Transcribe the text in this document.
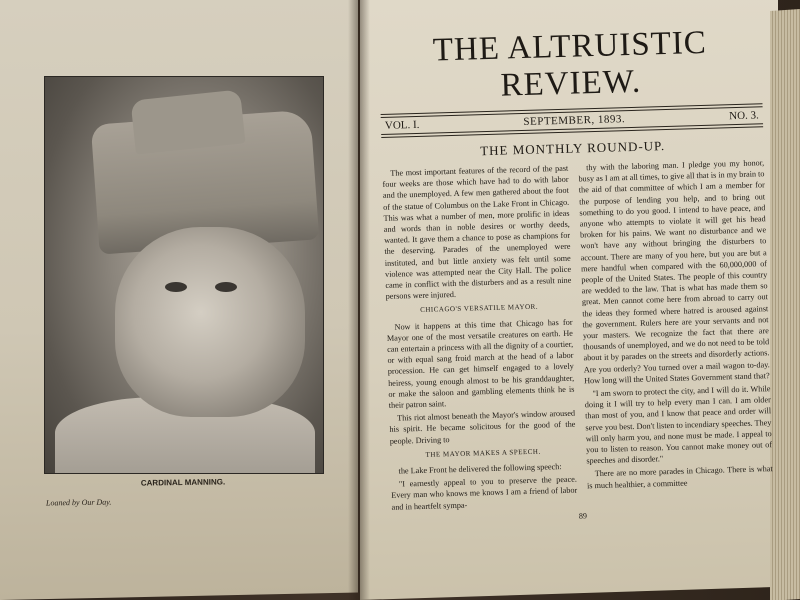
CARDINAL MANNING.
Loaned by Our Day.
THE ALTRUISTIC REVIEW.
VOL. I.	SEPTEMBER, 1893.	NO. 3.
THE MONTHLY ROUND-UP.

The most important features of the record of the past four weeks are those which have had to do with labor and the unemployed. A few men gathered about the foot of the statue of Columbus on the Lake Front in Chicago. This was what a number of men, more prolific in ideas and words than in noble desires or worthy deeds, wanted. It gave them a chance to pose as champions for the deserving. Parades of the unemployed were instituted, and but little anxiety was felt until some violence was attempted near the City Hall. The police came in conflict with the disturbers and as a result nine persons were injured.

CHICAGO'S VERSATILE MAYOR.

Now it happens at this time that Chicago has for Mayor one of the most versatile creatures on earth. He can entertain a princess with all the dignity of a courtier, or with equal sang froid march at the head of a labor procession. He can get himself engaged to a lovely heiress, young enough almost to be his granddaughter, or make the saloon and gambling elements think he is their patron saint.

This riot almost beneath the Mayor's window aroused his spirit. He became solicitous for the good of the people. Driving to

THE MAYOR MAKES A SPEECH.

the Lake Front he delivered the following speech:

"I earnestly appeal to you to preserve the peace. Every man who knows me knows I am a friend of labor and in heartfelt sympa-

thy with the laboring man. I pledge you my honor, busy as I am at all times, to give all that is in my brain to the aid of that committee of which I am a member for the purpose of lending you help, and to bring out something to do you good. I intend to have peace, and anyone who attempts to violate it will get his head broken for his pains. We want no disturbance and we won't have any without bringing the disturbers to account. There are many of you here, but you are but a mere handful when compared with the 60,000,000 of people of the United States. The people of this country are wedded to the law. That is what has made them so great. Men cannot come here from abroad to carry out the ideas they formed where hatred is aroused against the government. Rulers here are your servants and not your masters. We recognize the fact that there are thousands of unemployed, and we do not need to be told about it by parades on the streets and disorderly actions. Are you orderly? You turned over a mail wagon to-day. How long will the United States Government stand that?

"I am sworn to protect the city, and I will do it. While doing it I will try to help every man I can. I am older than most of you, and I know that peace and order will serve you best. Don't listen to incendiary speeches. They will only harm you, and none must be made. I appeal to you to listen to reason. You cannot make money out of speeches and disorder."

There are no more parades in Chicago. There is what is much healthier, a committee

89
